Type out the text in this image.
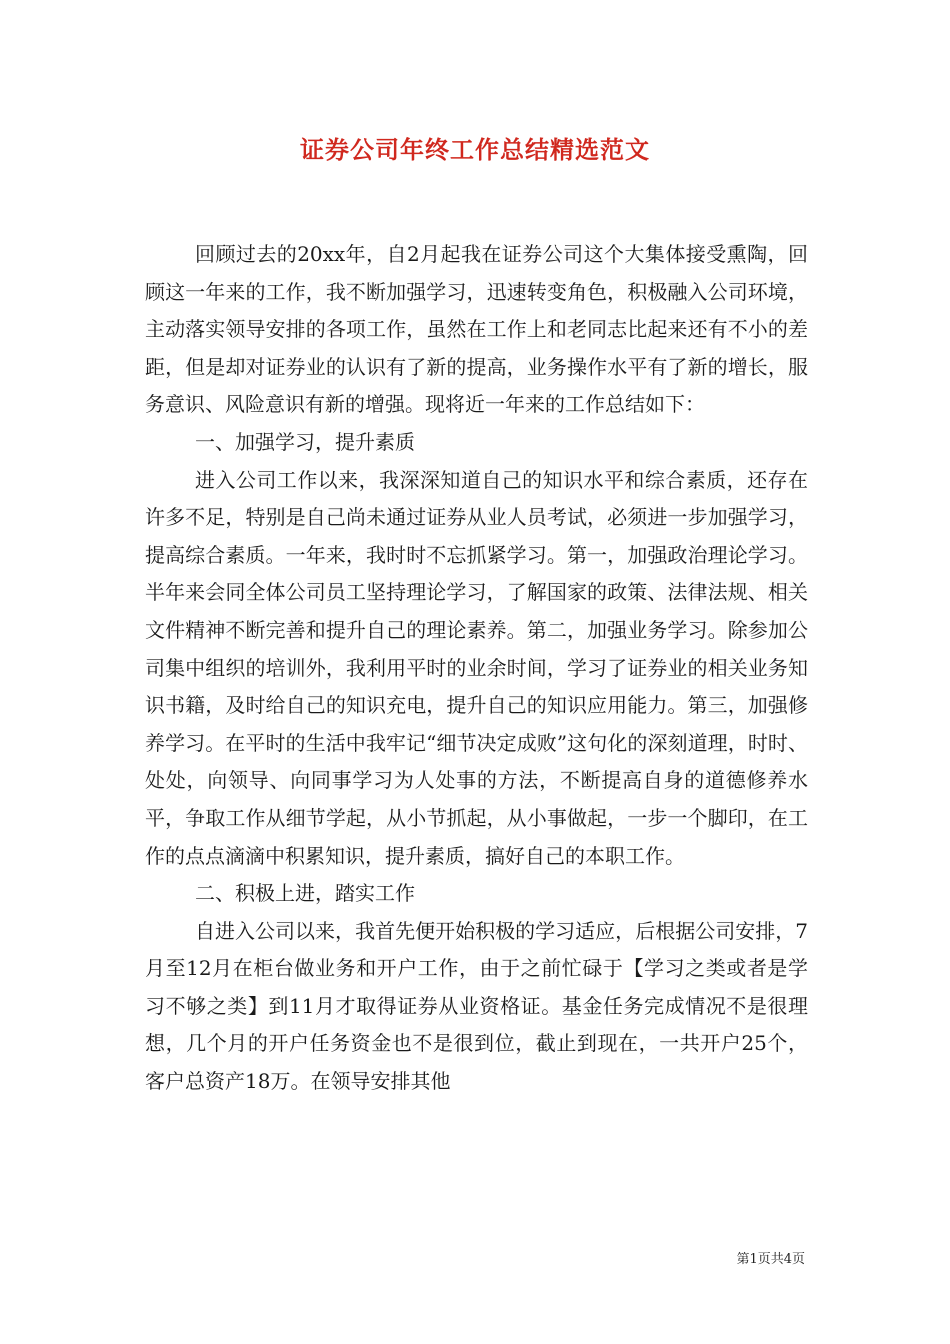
证券公司年终工作总结精选范文

回顾过去的20xx年，自2月起我在证券公司这个大集体接受熏陶，回顾这一年来的工作，我不断加强学习，迅速转变角色，积极融入公司环境，主动落实领导安排的各项工作，虽然在工作上和老同志比起来还有不小的差距，但是却对证券业的认识有了新的提高，业务操作水平有了新的增长，服务意识、风险意识有新的增强。现将近一年来的工作总结如下：

一、加强学习，提升素质

进入公司工作以来，我深深知道自己的知识水平和综合素质，还存在许多不足，特别是自己尚未通过证券从业人员考试，必须进一步加强学习，提高综合素质。一年来，我时时不忘抓紧学习。第一，加强政治理论学习。半年来会同全体公司员工坚持理论学习，了解国家的政策、法律法规、相关文件精神不断完善和提升自己的理论素养。第二，加强业务学习。除参加公司集中组织的培训外，我利用平时的业余时间，学习了证券业的相关业务知识书籍，及时给自己的知识充电，提升自己的知识应用能力。第三，加强修养学习。在平时的生活中我牢记“细节决定成败”这句化的深刻道理，时时、处处，向领导、向同事学习为人处事的方法，不断提高自身的道德修养水平，争取工作从细节学起，从小节抓起，从小事做起，一步一个脚印，在工作的点点滴滴中积累知识，提升素质，搞好自己的本职工作。

二、积极上进，踏实工作

自进入公司以来，我首先便开始积极的学习适应，后根据公司安排，7月至12月在柜台做业务和开户工作，由于之前忙碌于【学习之类或者是学习不够之类】到11月才取得证券从业资格证。基金任务完成情况不是很理想，几个月的开户任务资金也不是很到位，截止到现在，一共开户25个，客户总资产18万。在领导安排其他

第1页共4页
